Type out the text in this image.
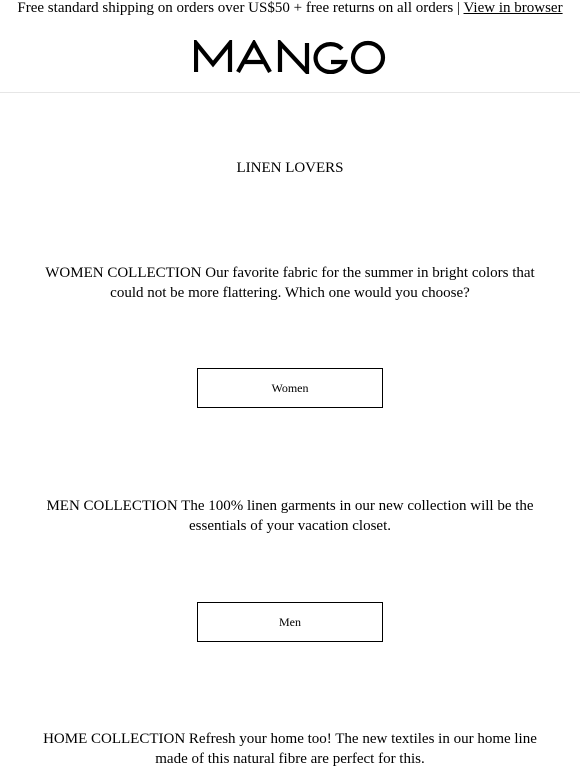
Free standard shipping on orders over US$50 + free returns on all orders | View in browser
LINEN LOVERS
WOMEN COLLECTION Our favorite fabric for the summer in bright colors that could not be more flattering. Which one would you choose?
Women
MEN COLLECTION The 100% linen garments in our new collection will be the essentials of your vacation closet.
Men
HOME COLLECTION Refresh your home too! The new textiles in our home line made of this natural fibre are perfect for this.
